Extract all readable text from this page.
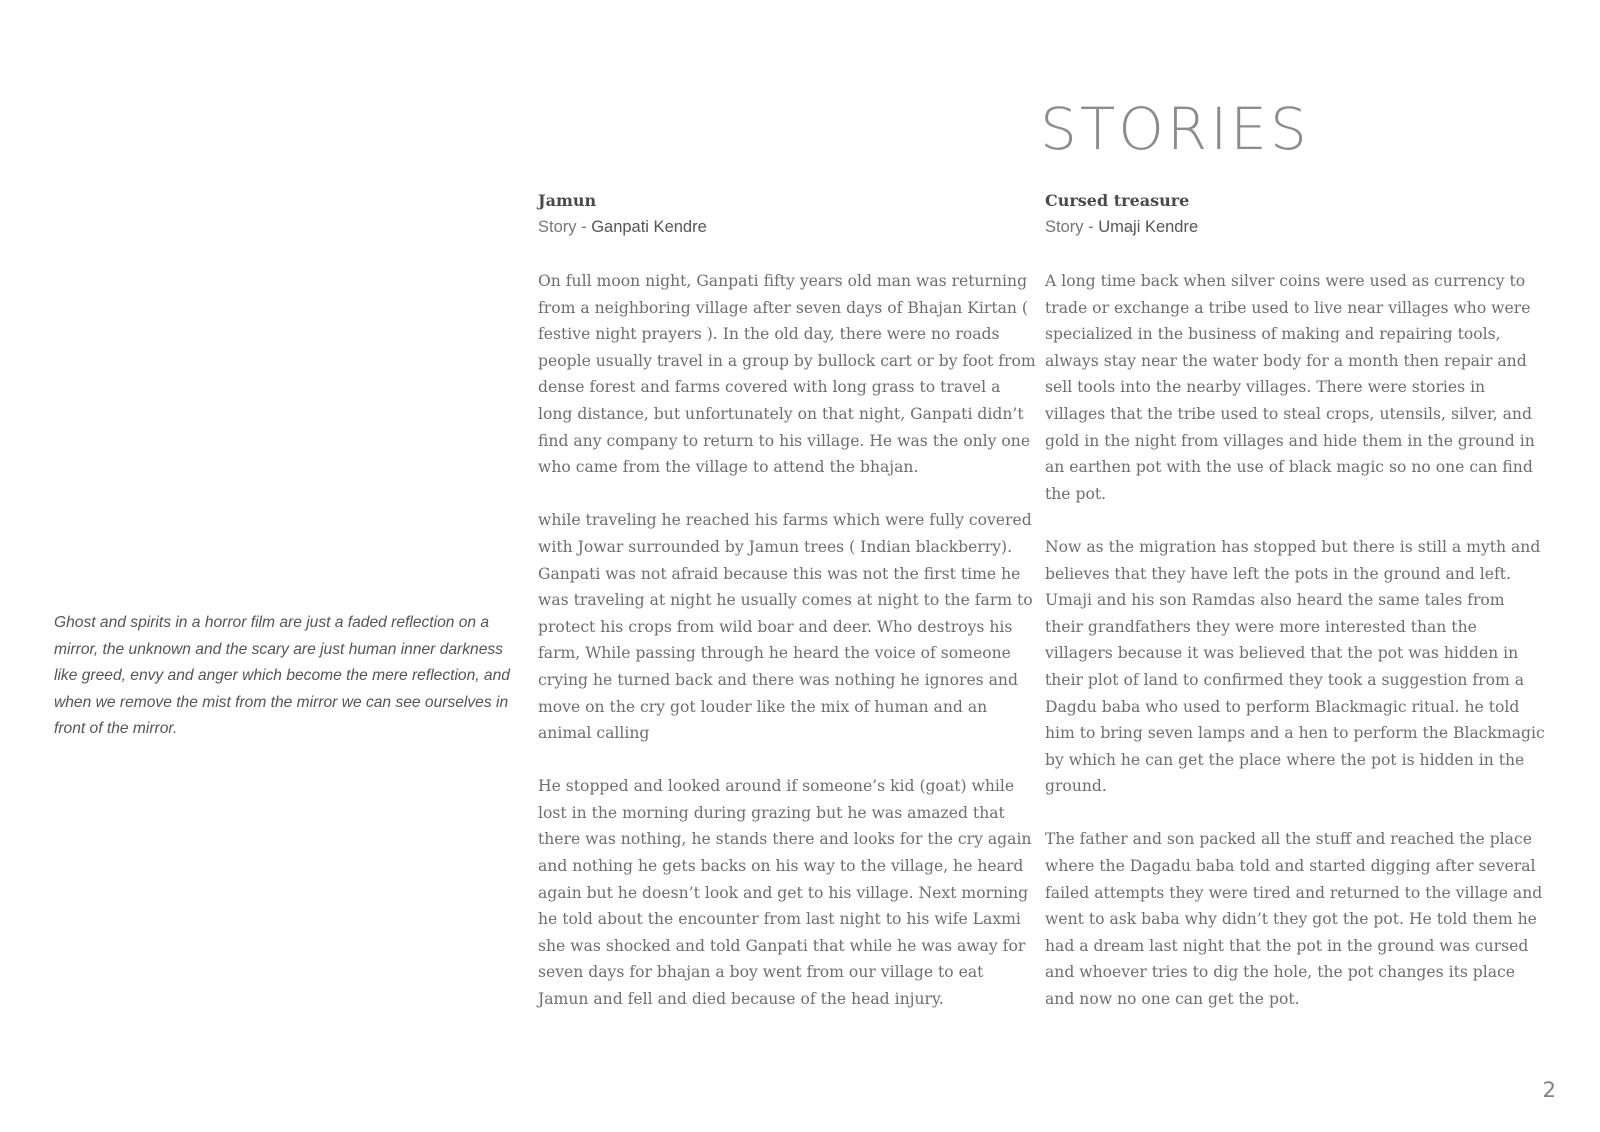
STORIES

Ghost and spirits in a horror film are just a faded reflection on a mirror, the unknown and the scary are just human inner darkness like greed, envy and anger which become the mere reflection, and when we remove the mist from the mirror we can see ourselves in front of the mirror.

Jamun

Story - Ganpati Kendre

On full moon night, Ganpati fifty years old man was returning from a neighboring village after seven days of Bhajan Kirtan ( festive night prayers ). In the old day, there were no roads people usually travel in a group by bullock cart or by foot from dense forest and farms covered with long grass to travel a long distance, but unfortunately on that night, Ganpati didn’t find any company to return to his village. He was the only one who came from the village to attend the bhajan.

while traveling he reached his farms which were fully covered with Jowar surrounded by Jamun trees ( Indian blackberry). Ganpati was not afraid because this was not the first time he was traveling at night he usually comes at night to the farm to protect his crops from wild boar and deer. Who destroys his farm, While passing through he heard the voice of someone crying he turned back and there was nothing he ignores and move on the cry got louder like the mix of human and an animal calling

He stopped and looked around if someone’s kid (goat) while lost in the morning during grazing but he was amazed that there was nothing, he stands there and looks for the cry again and nothing he gets backs on his way to the village, he heard again but he doesn’t look and get to his village. Next morning he told about the encounter from last night to his wife Laxmi she was shocked and told Ganpati that while he was away for seven days for bhajan a boy went from our village to eat Jamun and fell and died because of the head injury.

Cursed treasure

Story - Umaji Kendre

A long time back when silver coins were used as currency to trade or exchange a tribe used to live near villages who were specialized in the business of making and repairing tools, always stay near the water body for a month then repair and sell tools into the nearby villages. There were stories in villages that the tribe used to steal crops, utensils, silver, and gold in the night from villages and hide them in the ground in an earthen pot with the use of black magic so no one can find the pot.

Now as the migration has stopped but there is still a myth and believes that they have left the pots in the ground and left. Umaji and his son Ramdas also heard the same tales from their grandfathers they were more interested than the villagers because it was believed that the pot was hidden in their plot of land to confirmed they took a suggestion from a Dagdu baba who used to perform Blackmagic ritual. he told him to bring seven lamps and a hen to perform the Blackmagic by which he can get the place where the pot is hidden in the ground.

The father and son packed all the stuff and reached the place where the Dagadu baba told and started digging after several failed attempts they were tired and returned to the village and went to ask baba why didn’t they got the pot. He told them he had a dream last night that the pot in the ground was cursed and whoever tries to dig the hole, the pot changes its place and now no one can get the pot.

2
